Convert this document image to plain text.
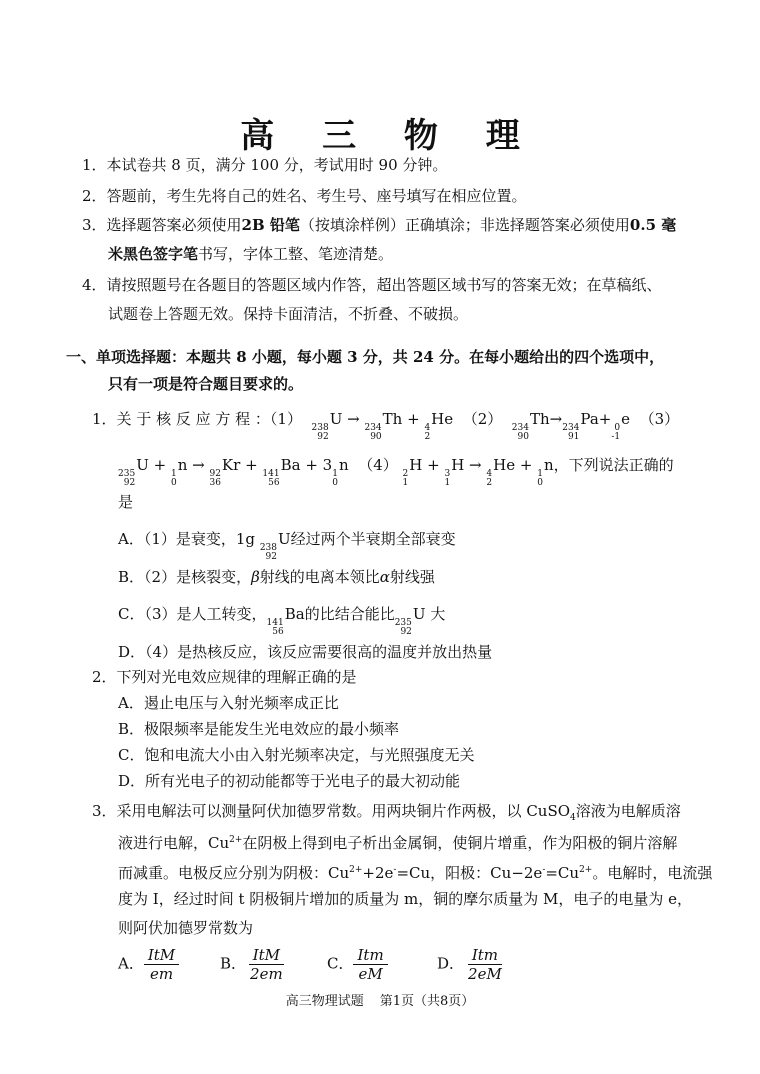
高 三 物 理
1．本试卷共 8 页，满分 100 分，考试用时 90 分钟。
2．答题前，考生先将自己的姓名、考生号、座号填写在相应位置。
3．选择题答案必须使用2B 铅笔（按填涂样例）正确填涂；非选择题答案必须使用0.5 毫
米黑色签字笔书写，字体工整、笔迹清楚。
4．请按照题号在各题目的答题区域内作答，超出答题区域书写的答案无效；在草稿纸、
试题卷上答题无效。保持卡面清洁，不折叠、不破损。
一、单项选择题：本题共 8 小题，每小题 3 分，共 24 分。在每小题给出的四个选项中，
只有一项是符合题目要求的。
1．关 于 核 反 应 方 程 ：（1） 238
92
U → 234
90
Th + 4
2
He （2） 234
90
Th→ 234
91
Pa+ 0
-1
e （3）
235
92
U + 1
0
n → 92
36
Kr + 141
56
Ba + 3 1
0
n （4） 2
1
H + 3
1
H → 4
2
He + 1
0
n，下列说法正确的
是
A．（1）是衰变，1g 238
92
U经过两个半衰期全部衰变
B．（2）是核裂变，β射线的电离本领比α射线强
C．（3）是人工转变， 141
56
Ba的比结合能比 235
92
U 大
D．（4）是热核反应，该反应需要很高的温度并放出热量
2．下列对光电效应规律的理解正确的是
A．遏止电压与入射光频率成正比
B．极限频率是能发生光电效应的最小频率
C．饱和电流大小由入射光频率决定，与光照强度无关
D．所有光电子的初动能都等于光电子的最大初动能
3．采用电解法可以测量阿伏加德罗常数。用两块铜片作两极，以 CuSO$_4$溶液为电解质溶
液进行电解，$Cu^{2+}$在阴极上得到电子析出金属铜，使铜片增重，作为阳极的铜片溶解
而减重。电极反应分别为阴极：$Cu^{2+}+2e^-=Cu$，阳极：$Cu-2e^-=Cu^{2+}$。电解时，电流强
度为 I，经过时间 t 阴极铜片增加的质量为 m，铜的摩尔质量为 M，电子的电量为 e，
则阿伏加德罗常数为
A． $\frac{\text{ItM}}{em}$	B． $\frac{\text{ItM}}{2em}$	C． $\frac{\text{Itm}}{eM}$	D． $\frac{\text{Itm}}{2eM}$
高三物理试题 第1页（共8页）
